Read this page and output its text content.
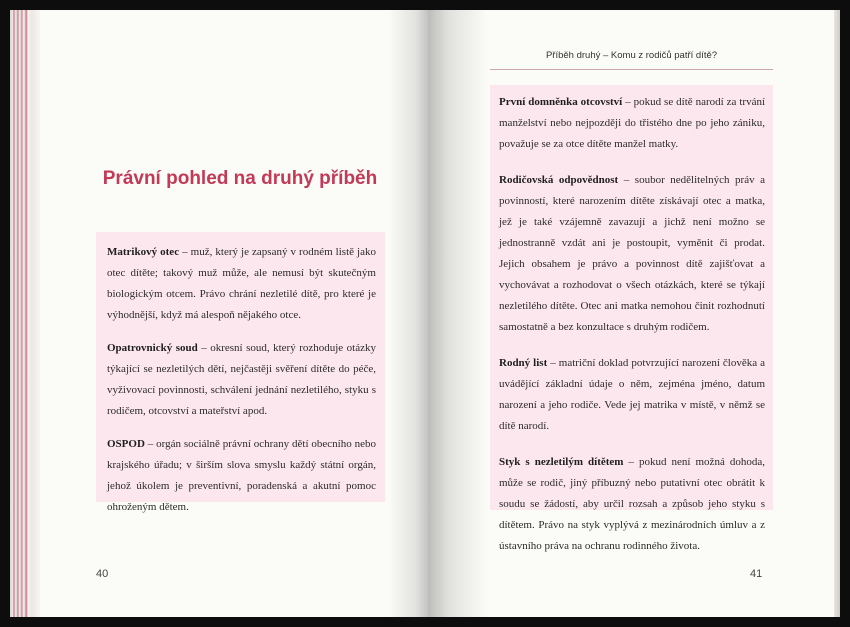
Právní pohled na druhý příběh

Matrikový otec – muž, který je zapsaný v rodném listě jako otec dítěte; takový muž může, ale nemusí být skutečným biologickým otcem. Právo chrání nezletilé dítě, pro které je výhodnější, když má alespoň nějakého otce.

Opatrovnický soud – okresní soud, který rozhoduje otázky týkající se nezletilých dětí, nejčastěji svěření dítěte do péče, vyživovací povinnosti, schválení jednání nezletilého, styku s rodičem, otcovství a mateřství apod.

OSPOD – orgán sociálně právní ochrany dětí obecního nebo krajského úřadu; v širším slova smyslu každý státní orgán, jehož úkolem je preventivní, poradenská a akutní pomoc ohroženým dětem.

40
Příběh druhý – Komu z rodičů patří dítě?

První domněnka otcovství – pokud se dítě narodí za trvání manželství nebo nejpozději do třistého dne po jeho zániku, považuje se za otce dítěte manžel matky.

Rodičovská odpovědnost – soubor nedělitelných práv a povinností, které narozením dítěte získávají otec a matka, jež je také vzájemně zavazují a jichž není možno se jednostranně vzdát ani je postoupit, vyměnit či prodat. Jejich obsahem je právo a povinnost dítě zajišťovat a vychovávat a rozhodovat o všech otázkách, které se týkají nezletilého dítěte. Otec ani matka nemohou činit rozhodnutí samostatně a bez konzultace s druhým rodičem.

Rodný list – matriční doklad potvrzující narození člověka a uvádějící základní údaje o něm, zejména jméno, datum narození a jeho rodiče. Vede jej matrika v místě, v němž se dítě narodí.

Styk s nezletilým dítětem – pokud není možná dohoda, může se rodič, jiný příbuzný nebo putativní otec obrátit k soudu se žádostí, aby určil rozsah a způsob jeho styku s dítětem. Právo na styk vyplývá z mezinárodních úmluv a z ústavního práva na ochranu rodinného života.

41
